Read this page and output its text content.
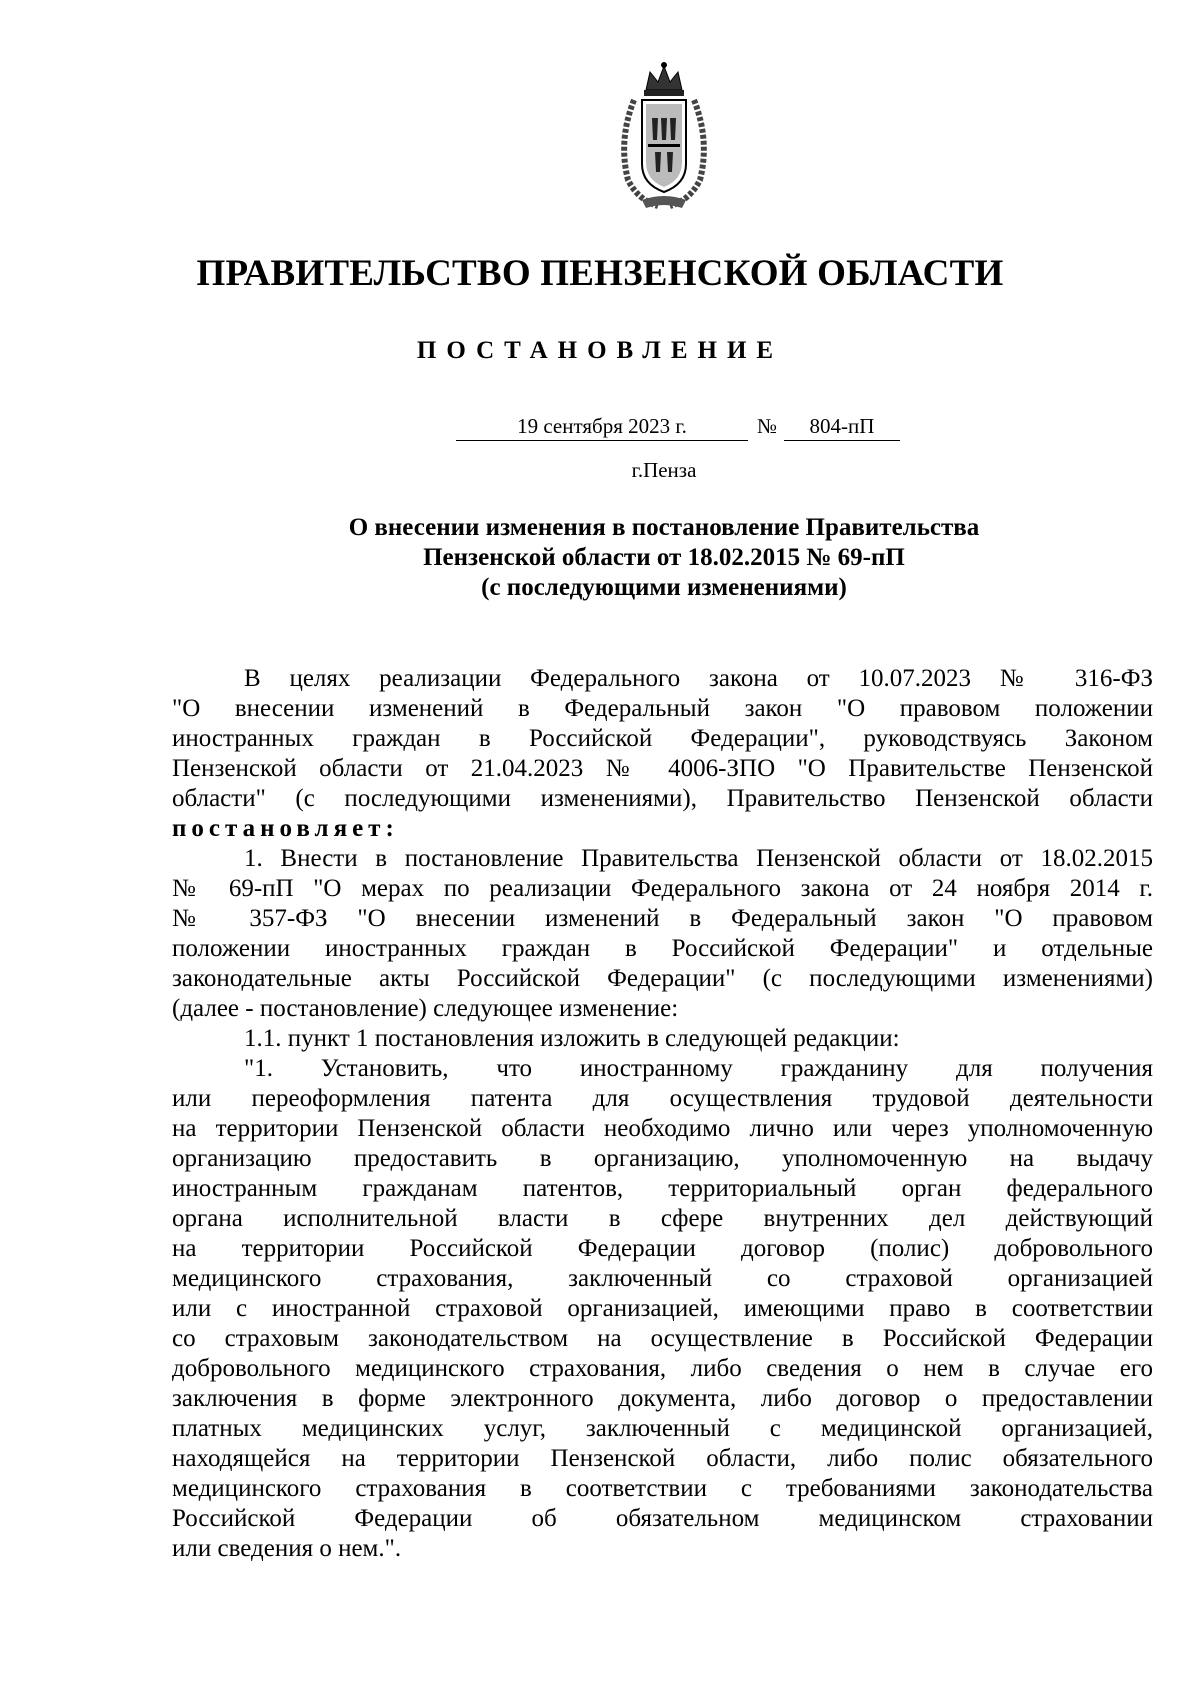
ПРАВИТЕЛЬСТВО ПЕНЗЕНСКОЙ ОБЛАСТИ
ПОСТАНОВЛЕНИЕ
19 сентября 2023 г.	№	804-пП
г.Пенза
О внесении изменения в постановление Правительства
Пензенской области от 18.02.2015 № 69-пП
(с последующими изменениями)

В целях реализации Федерального закона от 10.07.2023 № 316-ФЗ

"О внесении изменений в Федеральный закон "О правовом положении

иностранных граждан в Российской Федерации", руководствуясь Законом

Пензенской области от 21.04.2023 № 4006-ЗПО "О Правительстве Пензенской

области" (с последующими изменениями), Правительство Пензенской области

постановляет:

1. Внести в постановление Правительства Пензенской области от 18.02.2015

№ 69-пП "О мерах по реализации Федерального закона от 24 ноября 2014 г.

№ 357-ФЗ "О внесении изменений в Федеральный закон "О правовом

положении иностранных граждан в Российской Федерации" и отдельные

законодательные акты Российской Федерации" (с последующими изменениями)

(далее - постановление) следующее изменение:

1.1. пункт 1 постановления изложить в следующей редакции:

"1. Установить, что иностранному гражданину для получения

или переоформления патента для осуществления трудовой деятельности

на территории Пензенской области необходимо лично или через уполномоченную

организацию предоставить в организацию, уполномоченную на выдачу

иностранным гражданам патентов, территориальный орган федерального

органа исполнительной власти в сфере внутренних дел действующий

на территории Российской Федерации договор (полис) добровольного

медицинского страхования, заключенный со страховой организацией

или с иностранной страховой организацией, имеющими право в соответствии

со страховым законодательством на осуществление в Российской Федерации

добровольного медицинского страхования, либо сведения о нем в случае его

заключения в форме электронного документа, либо договор о предоставлении

платных медицинских услуг, заключенный с медицинской организацией,

находящейся на территории Пензенской области, либо полис обязательного

медицинского страхования в соответствии с требованиями законодательства

Российской Федерации об обязательном медицинском страховании

или сведения о нем.".
